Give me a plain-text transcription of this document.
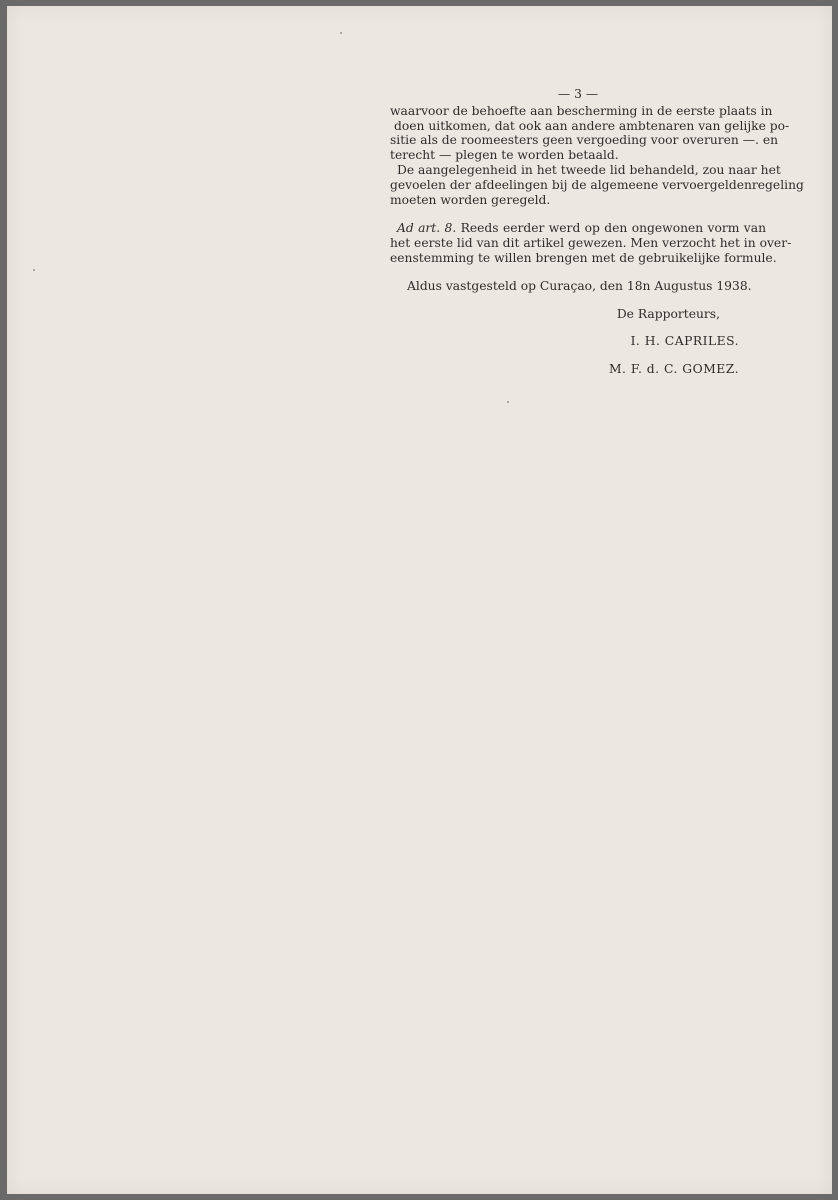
— 3 —
waarvoor de behoefte aan bescherming in de eerste plaats in
doen uitkomen, dat ook aan andere ambtenaren van gelijke po-
sitie als de roomeesters geen vergoeding voor overuren —. en
terecht — plegen te worden betaald.
De aangelegenheid in het tweede lid behandeld, zou naar het
gevoelen der afdeelingen bij de algemeene vervoergeldenregeling
moeten worden geregeld.
Ad art. 8. Reeds eerder werd op den ongewonen vorm van
het eerste lid van dit artikel gewezen. Men verzocht het in over-
eenstemming te willen brengen met de gebruikelijke formule.
Aldus vastgesteld op Curaçao, den 18n Augustus 1938.
De Rapporteurs,
I. H. CAPRILES.
M. F. d. C. GOMEZ.
